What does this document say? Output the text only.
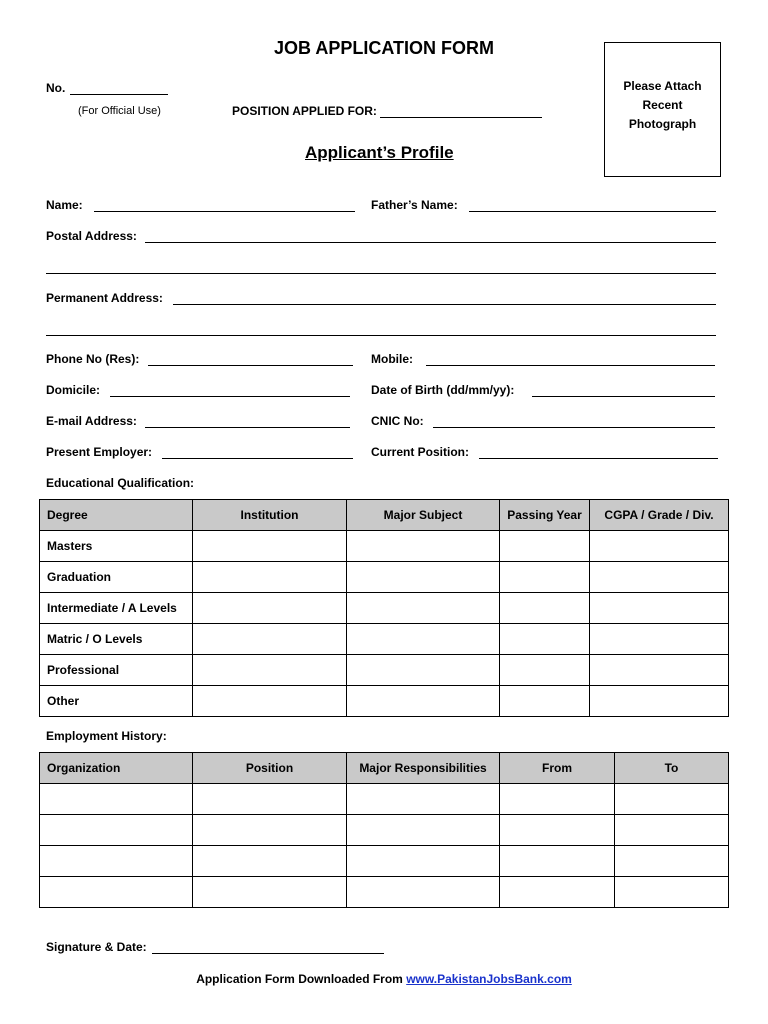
JOB APPLICATION FORM
No.
(For Official Use)	POSITION APPLIED FOR:
Please Attach
Recent
Photograph
Applicant’s Profile
Name:	Father’s Name:
Postal Address:
Permanent Address:
Phone No (Res):	Mobile:
Domicile:	Date of Birth (dd/mm/yy):
E-mail Address:	CNIC No:
Present Employer:	Current Position:
Educational Qualification:
Degree	Institution	Major Subject	Passing Year	CGPA / Grade / Div.
Masters				
Graduation				
Intermediate / A Levels				
Matric / O Levels				
Professional				
Other				
Employment History:
Organization	Position	Major Responsibilities	From	To

Signature & Date:
Application Form Downloaded From www.PakistanJobsBank.com
